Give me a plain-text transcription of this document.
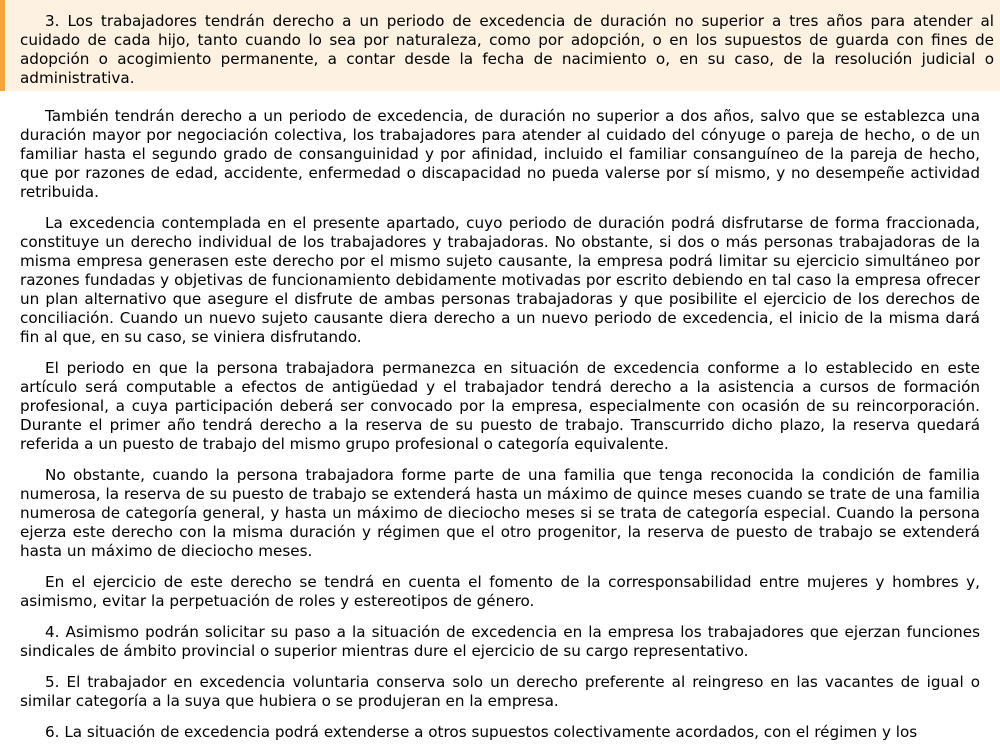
3. Los trabajadores tendrán derecho a un periodo de excedencia de duración no superior a tres años para atender al cuidado de cada hijo, tanto cuando lo sea por naturaleza, como por adopción, o en los supuestos de guarda con fines de adopción o acogimiento permanente, a contar desde la fecha de nacimiento o, en su caso, de la resolución judicial o administrativa.

También tendrán derecho a un periodo de excedencia, de duración no superior a dos años, salvo que se establezca una duración mayor por negociación colectiva, los trabajadores para atender al cuidado del cónyuge o pareja de hecho, o de un familiar hasta el segundo grado de consanguinidad y por afinidad, incluido el familiar consanguíneo de la pareja de hecho, que por razones de edad, accidente, enfermedad o discapacidad no pueda valerse por sí mismo, y no desempeñe actividad retribuida.

La excedencia contemplada en el presente apartado, cuyo periodo de duración podrá disfrutarse de forma fraccionada, constituye un derecho individual de los trabajadores y trabajadoras. No obstante, si dos o más personas trabajadoras de la misma empresa generasen este derecho por el mismo sujeto causante, la empresa podrá limitar su ejercicio simultáneo por razones fundadas y objetivas de funcionamiento debidamente motivadas por escrito debiendo en tal caso la empresa ofrecer un plan alternativo que asegure el disfrute de ambas personas trabajadoras y que posibilite el ejercicio de los derechos de conciliación. Cuando un nuevo sujeto causante diera derecho a un nuevo periodo de excedencia, el inicio de la misma dará fin al que, en su caso, se viniera disfrutando.

El periodo en que la persona trabajadora permanezca en situación de excedencia conforme a lo establecido en este artículo será computable a efectos de antigüedad y el trabajador tendrá derecho a la asistencia a cursos de formación profesional, a cuya participación deberá ser convocado por la empresa, especialmente con ocasión de su reincorporación. Durante el primer año tendrá derecho a la reserva de su puesto de trabajo. Transcurrido dicho plazo, la reserva quedará referida a un puesto de trabajo del mismo grupo profesional o categoría equivalente.

No obstante, cuando la persona trabajadora forme parte de una familia que tenga reconocida la condición de familia numerosa, la reserva de su puesto de trabajo se extenderá hasta un máximo de quince meses cuando se trate de una familia numerosa de categoría general, y hasta un máximo de dieciocho meses si se trata de categoría especial. Cuando la persona ejerza este derecho con la misma duración y régimen que el otro progenitor, la reserva de puesto de trabajo se extenderá hasta un máximo de dieciocho meses.

En el ejercicio de este derecho se tendrá en cuenta el fomento de la corresponsabilidad entre mujeres y hombres y, asimismo, evitar la perpetuación de roles y estereotipos de género.

4. Asimismo podrán solicitar su paso a la situación de excedencia en la empresa los trabajadores que ejerzan funciones sindicales de ámbito provincial o superior mientras dure el ejercicio de su cargo representativo.

5. El trabajador en excedencia voluntaria conserva solo un derecho preferente al reingreso en las vacantes de igual o similar categoría a la suya que hubiera o se produjeran en la empresa.

6. La situación de excedencia podrá extenderse a otros supuestos colectivamente acordados, con el régimen y los
